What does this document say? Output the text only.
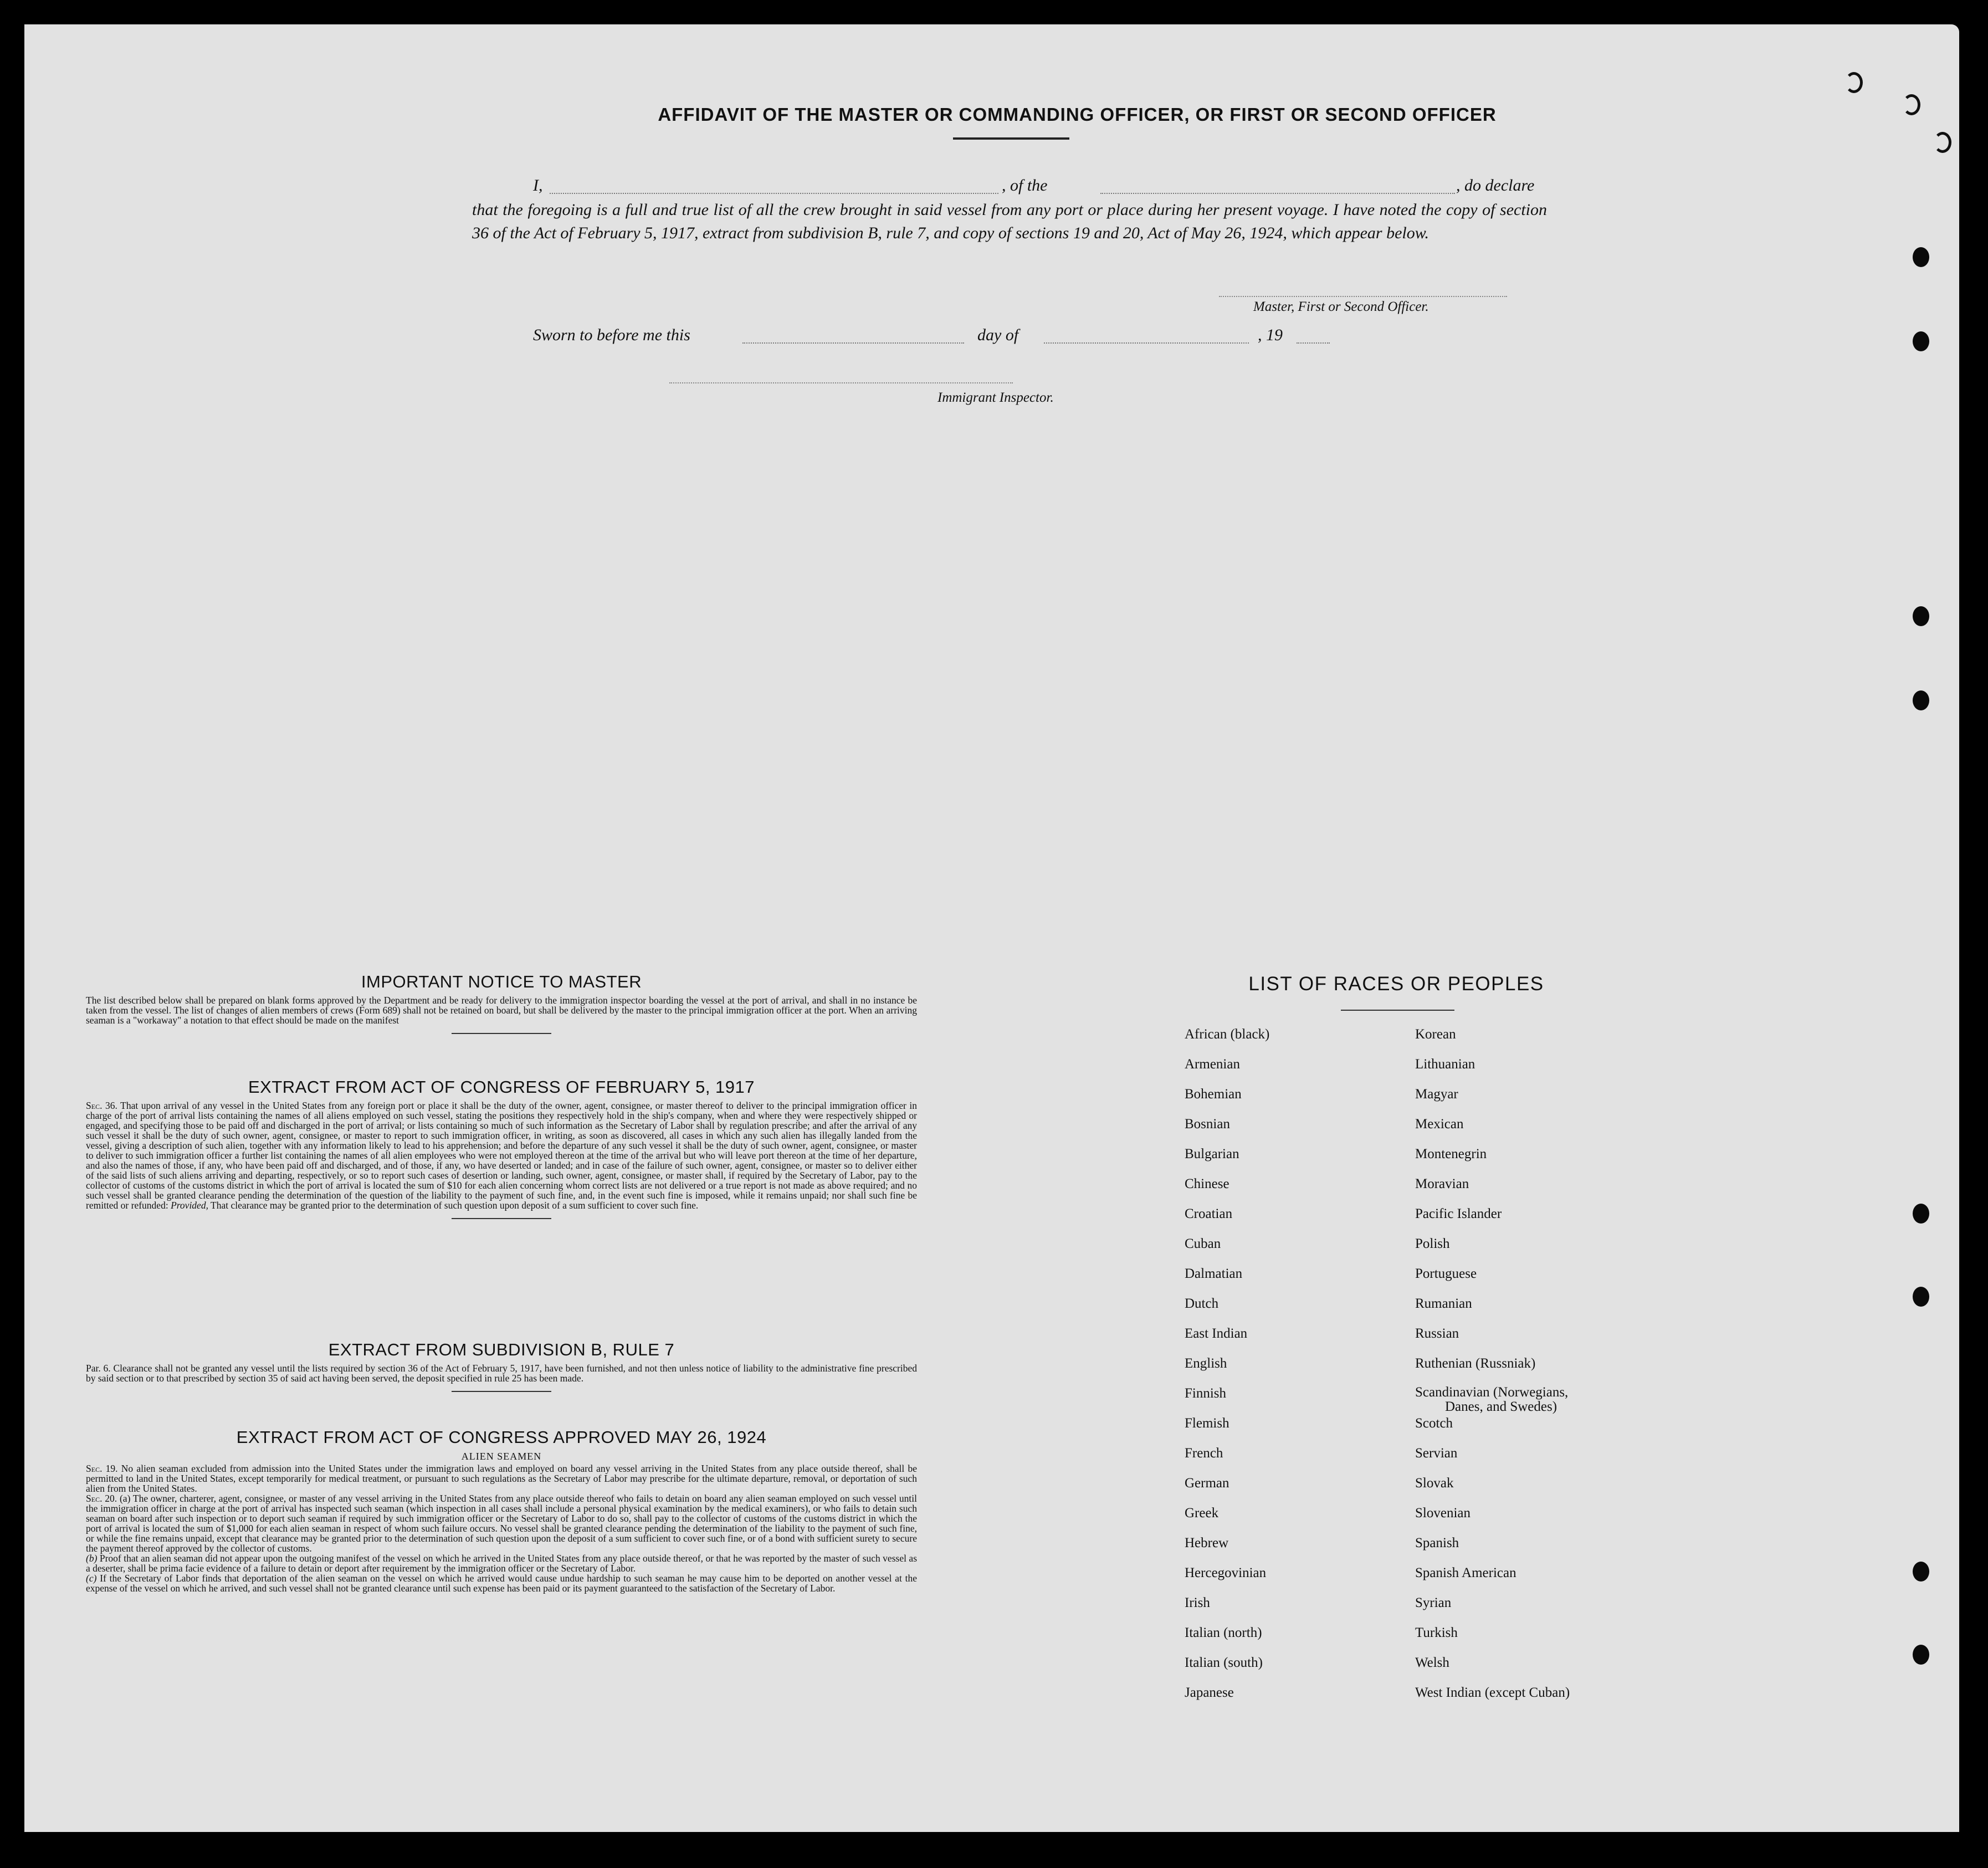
AFFIDAVIT OF THE MASTER OR COMMANDING OFFICER, OR FIRST OR SECOND OFFICER
I,	, of the	, do declare
that the foregoing is a full and true list of all the crew brought in said vessel from any port or place during her present voyage. I have noted the copy of section 36 of the Act of February 5, 1917, extract from subdivision B, rule 7, and copy of sections 19 and 20, Act of May 26, 1924, which appear below.
Master, First or Second Officer.
Sworn to before me this	day of	, 19
Immigrant Inspector.
IMPORTANT NOTICE TO MASTER

The list described below shall be prepared on blank forms approved by the Department and be ready for delivery to the immigration inspector boarding the vessel at the port of arrival, and shall in no instance be taken from the vessel. The list of changes of alien members of crews (Form 689) shall not be retained on board, but shall be delivered by the master to the principal immigration officer at the port. When an arriving seaman is a "workaway" a notation to that effect should be made on the manifest

EXTRACT FROM ACT OF CONGRESS OF FEBRUARY 5, 1917

Sec. 36. That upon arrival of any vessel in the United States from any foreign port or place it shall be the duty of the owner, agent, consignee, or master thereof to deliver to the principal immigration officer in charge of the port of arrival lists containing the names of all aliens employed on such vessel, stating the positions they respectively hold in the ship's company, when and where they were respectively shipped or engaged, and specifying those to be paid off and discharged in the port of arrival; or lists containing so much of such information as the Secretary of Labor shall by regulation prescribe; and after the arrival of any such vessel it shall be the duty of such owner, agent, consignee, or master to report to such immigration officer, in writing, as soon as discovered, all cases in which any such alien has illegally landed from the vessel, giving a description of such alien, together with any information likely to lead to his apprehension; and before the departure of any such vessel it shall be the duty of such owner, agent, consignee, or master to deliver to such immigration officer a further list containing the names of all alien employees who were not employed thereon at the time of the arrival but who will leave port thereon at the time of her departure, and also the names of those, if any, who have been paid off and discharged, and of those, if any, wo have deserted or landed; and in case of the failure of such owner, agent, consignee, or master so to deliver either of the said lists of such aliens arriving and departing, respectively, or so to report such cases of desertion or landing, such owner, agent, consignee, or master shall, if required by the Secretary of Labor, pay to the collector of customs of the customs district in which the port of arrival is located the sum of $10 for each alien concerning whom correct lists are not delivered or a true report is not made as above required; and no such vessel shall be granted clearance pending the determination of the question of the liability to the payment of such fine, and, in the event such fine is imposed, while it remains unpaid; nor shall such fine be remitted or refunded: Provided, That clearance may be granted prior to the determination of such question upon deposit of a sum sufficient to cover such fine.

EXTRACT FROM SUBDIVISION B, RULE 7

Par. 6. Clearance shall not be granted any vessel until the lists required by section 36 of the Act of February 5, 1917, have been furnished, and not then unless notice of liability to the administrative fine prescribed by said section or to that prescribed by section 35 of said act having been served, the deposit specified in rule 25 has been made.

EXTRACT FROM ACT OF CONGRESS APPROVED MAY 26, 1924
ALIEN SEAMEN

Sec. 19. No alien seaman excluded from admission into the United States under the immigration laws and employed on board any vessel arriving in the United States from any place outside thereof, shall be permitted to land in the United States, except temporarily for medical treatment, or pursuant to such regulations as the Secretary of Labor may prescribe for the ultimate departure, removal, or deportation of such alien from the United States.

Sec. 20. (a) The owner, charterer, agent, consignee, or master of any vessel arriving in the United States from any place outside thereof who fails to detain on board any alien seaman employed on such vessel until the immigration officer in charge at the port of arrival has inspected such seaman (which inspection in all cases shall include a personal physical examination by the medical examiners), or who fails to detain such seaman on board after such inspection or to deport such seaman if required by such immigration officer or the Secretary of Labor to do so, shall pay to the collector of customs of the customs district in which the port of arrival is located the sum of $1,000 for each alien seaman in respect of whom such failure occurs. No vessel shall be granted clearance pending the determination of the liability to the payment of such fine, or while the fine remains unpaid, except that clearance may be granted prior to the determination of such question upon the deposit of a sum sufficient to cover such fine, or of a bond with sufficient surety to secure the payment thereof approved by the collector of customs.

(b) Proof that an alien seaman did not appear upon the outgoing manifest of the vessel on which he arrived in the United States from any place outside thereof, or that he was reported by the master of such vessel as a deserter, shall be prima facie evidence of a failure to detain or deport after requirement by the immigration officer or the Secretary of Labor.

(c) If the Secretary of Labor finds that deportation of the alien seaman on the vessel on which he arrived would cause undue hardship to such seaman he may cause him to be deported on another vessel at the expense of the vessel on which he arrived, and such vessel shall not be granted clearance until such expense has been paid or its payment guaranteed to the satisfaction of the Secretary of Labor.

LIST OF RACES OR PEOPLES
African (black)
Armenian
Bohemian
Bosnian
Bulgarian
Chinese
Croatian
Cuban
Dalmatian
Dutch
East Indian
English
Finnish
Flemish
French
German
Greek
Hebrew
Hercegovinian
Irish
Italian (north)
Italian (south)
Japanese
Korean
Lithuanian
Magyar
Mexican
Montenegrin
Moravian
Pacific Islander
Polish
Portuguese
Rumanian
Russian
Ruthenian (Russniak)
Scandinavian (Norwegians,
Danes, and Swedes)
Scotch
Servian
Slovak
Slovenian
Spanish
Spanish American
Syrian
Turkish
Welsh
West Indian (except Cuban)
